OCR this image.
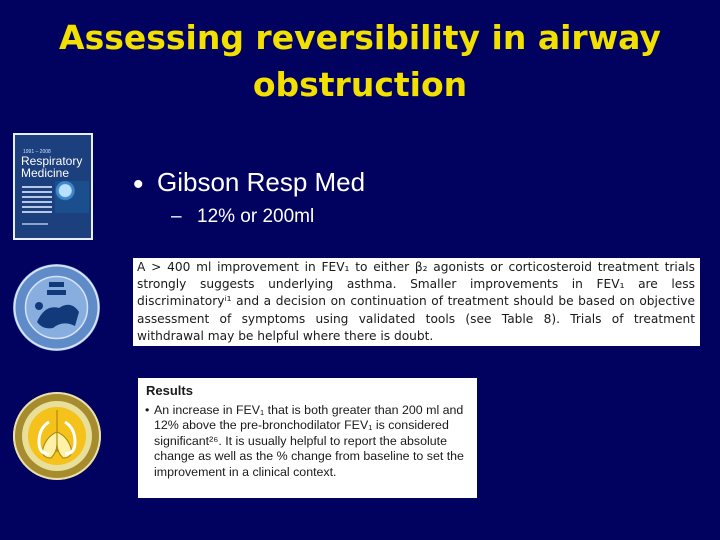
Assessing reversibility in airway obstruction
1991 – 2008
Respiratory Medicine	• Gibson Resp Med
– 12% or 200ml
A > 400 ml improvement in FEV₁ to either β₂ agonists or corticosteroid treatment trials strongly suggests underlying asthma. Smaller improvements in FEV₁ are less discriminatoryⁱ¹ and a decision on continuation of treatment should be based on objective assessment of symptoms using validated tools (see Table 8). Trials of treatment withdrawal may be helpful where there is doubt.
Results
• An increase in FEV₁ that is both greater than 200 ml and 12% above the pre-bronchodilator FEV₁ is considered significant²⁶. It is usually helpful to report the absolute change as well as the % change from baseline to set the improvement in a clinical context.
